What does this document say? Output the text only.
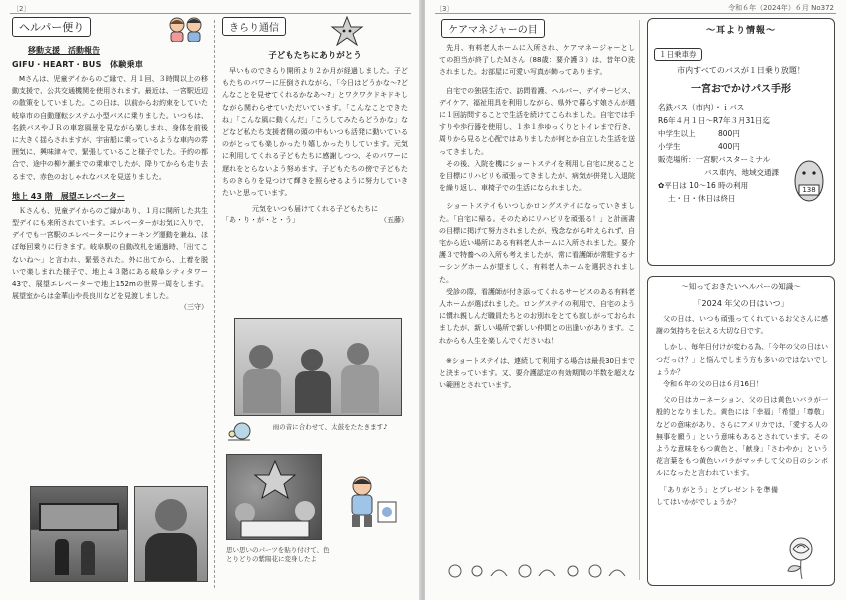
〔2〕
ヘルパー便り
移動支援　活動報告
GIFU・HEART・BUS　体験乗車
　Mさんは、児童デイからのご縁で、月１回、３時間以上の移動支援で、公共交通機関を使用されます。最近は、一宮駅近辺の散策をしていました。この日は、以前からお約束をしていた岐阜市の自動運転システム小型バスに乗りました。いつもは、名鉄バスやＪＲの車窓風景を見ながら楽しまれ、身体を前後に大きく揺らされますが、宇宙船に乗っているような車内の雰囲気に、興味津々で、緊張していること様子でした。予約の都合で、途中の柳ケ瀬までの乗車でしたが、降りてからも走り去るまで、赤色のおしゃれなバスを見送りました。
地上 43 階　展望エレベーター
　Ｋさんも、児童デイからのご縁があり、１月に開所した共生型デイにも来所されています。エレベーターがお気に入りで、デイでも一宮駅のエレベーターにウォーキング運動を兼ね、ほぼ毎回乗りに行きます。岐阜駅の自動改札を通過時、「出てこないね～」と言われ、緊張された。外に出てから、上着を脱いで楽しまれた様子で、地上４３階にある岐阜シティタワー43で、展望エレベーターで地上152mの世界一周をします。展望室からは金華山や長良川などを見渡しました。
（三守）
きらり通信
子どもたちにありがとう
　早いものできらり開所より２か月が経過しました。子どもたちのパワーに圧倒されながら、「今日はどうかな～?どんなことを見せてくれるかなあ～?」とワクワクドキドキしながら関わらせていただいています。「こんなことできたね」「こんな風に動くんだ」「こうしてみたらどうかな」などなど私たち支援者側の頭の中もいつも活発に動いているのがとっても楽しかったり嬉しかったりしています。元気に利用してくれる子どもたちに感謝しつつ、そのパワーに遅れをとらないよう努めます。子どもたちの傍で子どもたちのきらりを見つけて輝きを照らせるように努力していきたいと思っています。
元気をいつも届けてくれる子どもたちに
「あ・り・が・と・う」	（五藤）
雨の音に合わせて、太鼓をたたきます♪
思い思いのパーツを貼り付けて、色とりどりの紫陽花に変身したよ
〔3〕	令和６年（2024年）６月 No372
ケアマネジャーの目
　先月、有料老人ホームに入所され、ケアマネージャーとしての担当が終了したＭさん（88歳：要介護３）は、昔年Ｏ洗されました。お部屋に可愛い写真が飾ってあります。
　自宅での独居生活で、訪問看護、ヘルパー、デイサービス、デイケア、福祉用具を利用しながら、県外で暮らす娘さんが週に１回訪問することで生活を続けてこられました。自宅では手すりや歩行器を使用し、１歩１歩ゆっくりとトイレまで行き、周りから見ると心配ではありましたが何とか自立した生活を送ってきました。
　その後、入院を機にショートステイを利用し自宅に戻ることを目標にリハビリも頑張ってきましたが、病気が併発し入退院を繰り返し、車椅子での生活になられました。
　ショートステイもいつしかロングステイになっていきました。「自宅に帰る。そのためにリハビリを頑張る！」と計画書の目標に掲げて努力されましたが、残念ながら叶えられず、自宅から近い場所にある有料老人ホームに入所されました。要介護３で特養への入所も考えましたが、常に看護師が常駐するナーシングホームが望ましく、有料老人ホームを選択されました。
　受診の際、看護師が付き添ってくれるサービスのある有料老人ホームが選ばれました。ロングステイの利用で、自宅のように慣れ親しんだ職員たちとのお別れをとても寂しがっておられましたが、新しい場所で新しい仲間との出逢いがあります。これからも人生を楽しんでくださいね！
　※ショートステイは、連続して利用する場合は最長30日までと決まっています。又、要介護認定の有効期間の半数を超えない範囲とされています。
～耳より情報～
１日乗車券
市内すべてのバスが１日乗り放題！
一宮おでかけパス手形
名鉄バス（市内）・ｉバス
R6年４月１日～R7年３月31日迄
中学生以上	800円
小学生	400円
販売場所：一宮駅バスターミナル
バス車内、地域交通課
✿平日は 10～16 時の利用
土・日・休日は終日
138
～知っておきたいヘルパーの知識～
「2024 年父の日はいつ」
　父の日は、いつも頑張ってくれているお父さんに感謝の気持ちを伝える大切な日です。
　しかし、毎年日付けが変わる為、「今年の父の日はいつだっけ？」と悩んでしまう方も多いのではないでしょうか？
　令和６年の父の日は６月16日！
　父の日はカーネーション、父の日は黄色いバラが一般的となりました。黄色には「幸福」「希望」「尊敬」などの意味があり、さらにアメリカでは、「愛する人の無事を願う」という意味もあるとされています。そのような意味をもつ黄色と、「献身」「さわやか」という花言葉をもつ黄色いバラがマッチして父の日のシンボルになったと言われています。
　「ありがとう」とプレゼントを準備してはいかがでしょうか？
